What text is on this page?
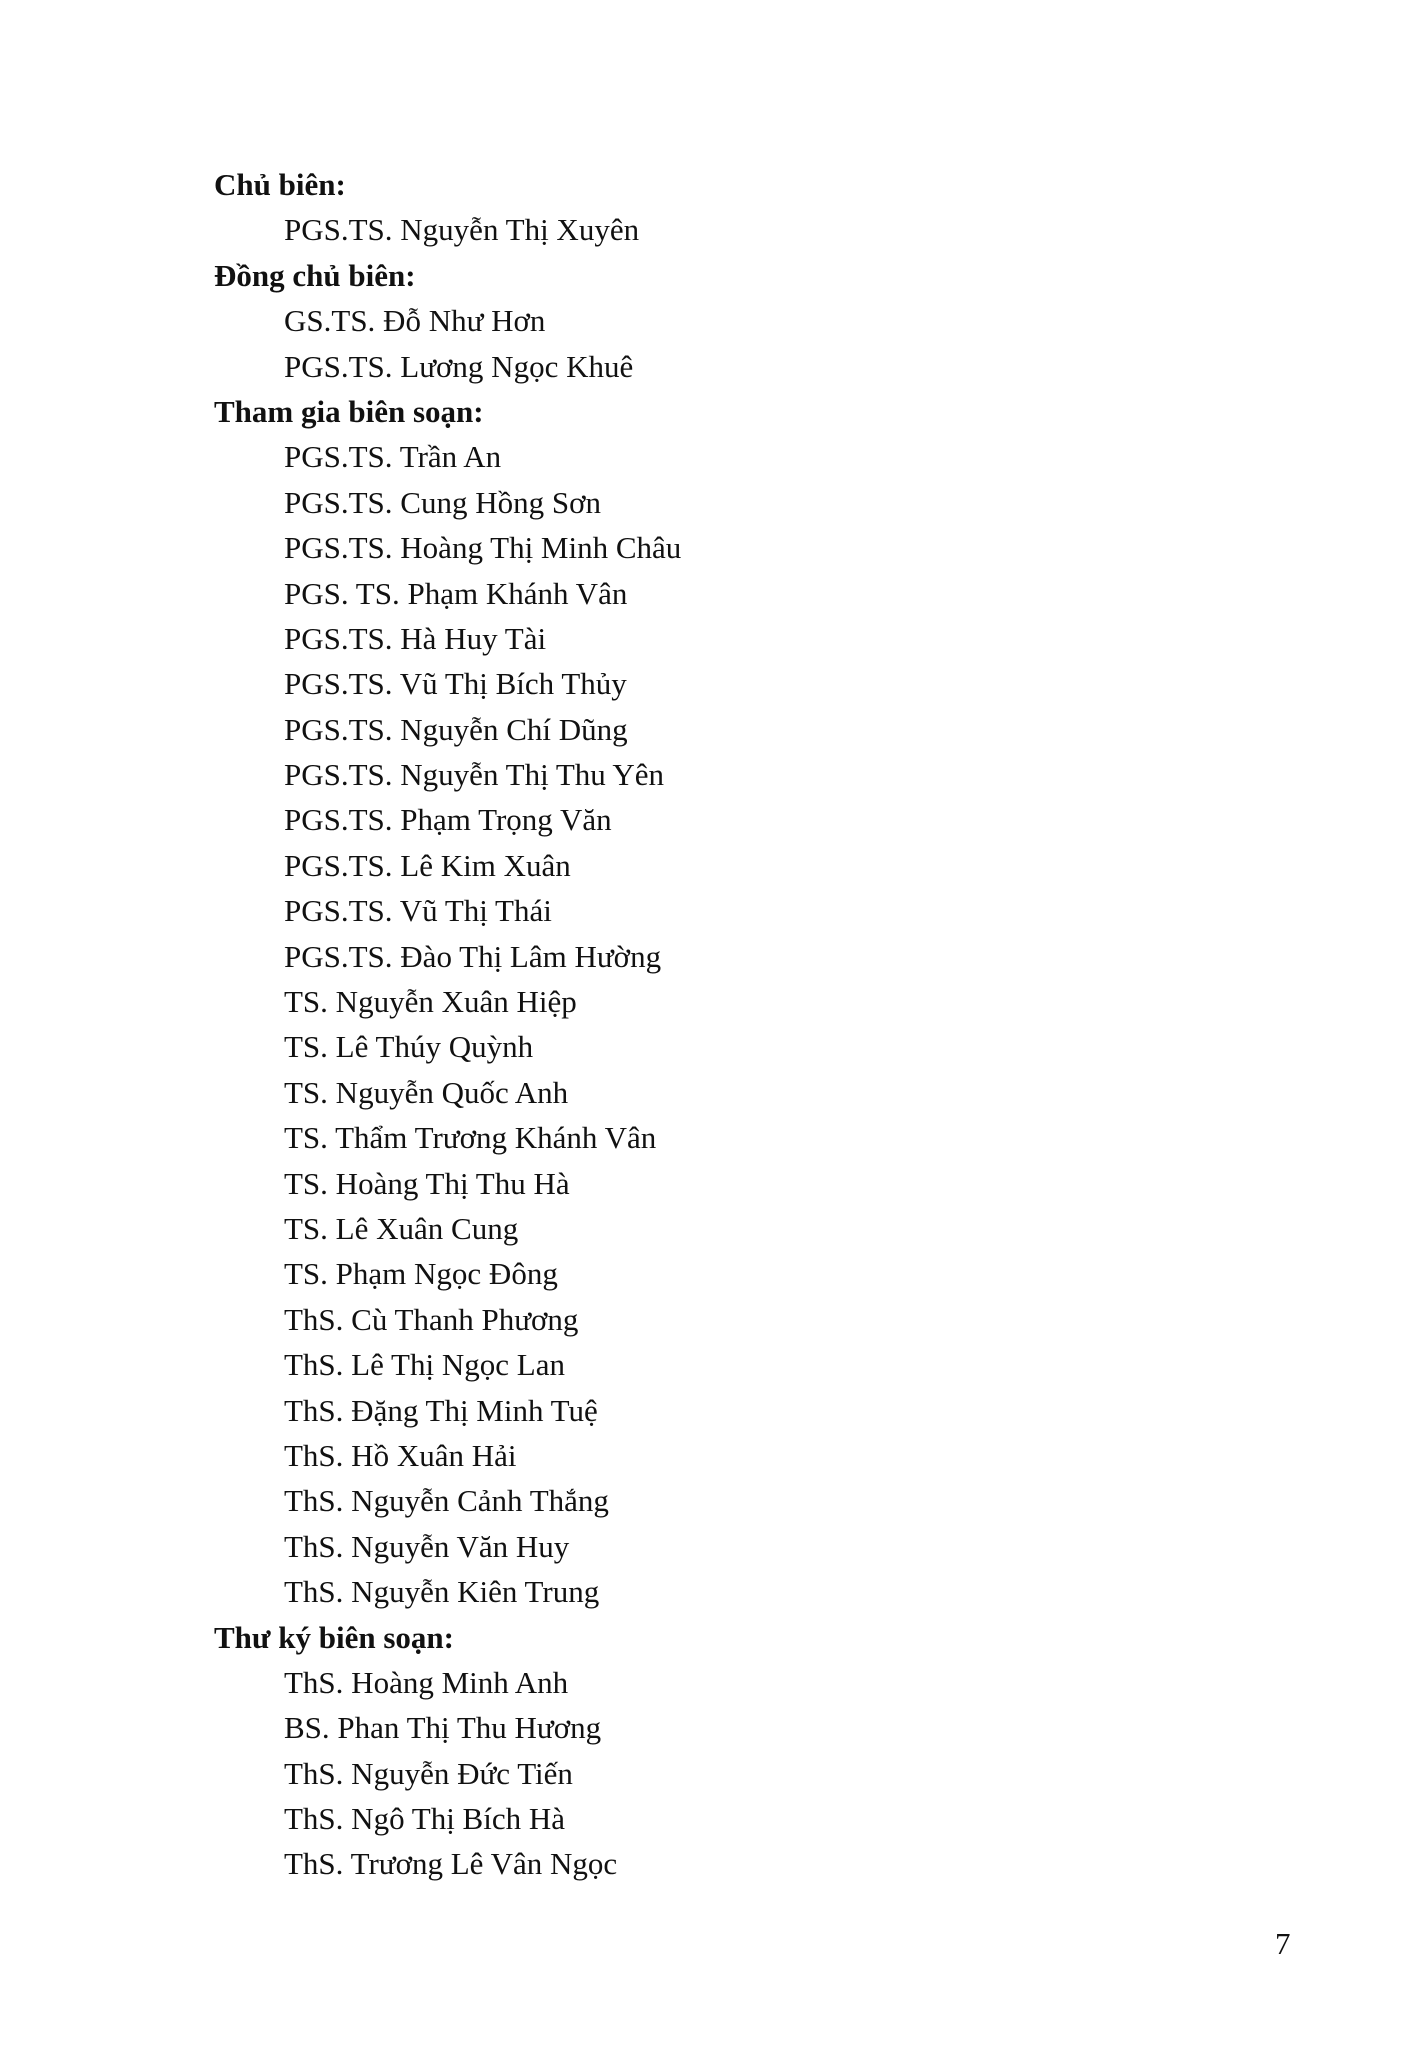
Chủ biên:

PGS.TS. Nguyễn Thị Xuyên

Đồng chủ biên:

GS.TS. Đỗ Như Hơn
PGS.TS. Lương Ngọc Khuê

Tham gia biên soạn:

PGS.TS. Trần An
PGS.TS. Cung Hồng Sơn
PGS.TS. Hoàng Thị Minh Châu
PGS. TS. Phạm Khánh Vân
PGS.TS. Hà Huy Tài
PGS.TS. Vũ Thị Bích Thủy
PGS.TS. Nguyễn Chí Dũng
PGS.TS. Nguyễn Thị Thu Yên
PGS.TS. Phạm Trọng Văn
PGS.TS. Lê Kim Xuân
PGS.TS. Vũ Thị Thái
PGS.TS. Đào Thị Lâm Hường
TS. Nguyễn Xuân Hiệp
TS. Lê Thúy Quỳnh
TS. Nguyễn Quốc Anh
TS. Thẩm Trương Khánh Vân
TS. Hoàng Thị Thu Hà
TS. Lê Xuân Cung
TS. Phạm Ngọc Đông
ThS. Cù Thanh Phương
ThS. Lê Thị Ngọc Lan
ThS. Đặng Thị Minh Tuệ
ThS. Hồ Xuân Hải
ThS. Nguyễn Cảnh Thắng
ThS. Nguyễn Văn Huy
ThS. Nguyễn Kiên Trung

Thư ký biên soạn:

ThS. Hoàng Minh Anh
BS. Phan Thị Thu Hương
ThS. Nguyễn Đức Tiến
ThS. Ngô Thị Bích Hà
ThS. Trương Lê Vân Ngọc
7
